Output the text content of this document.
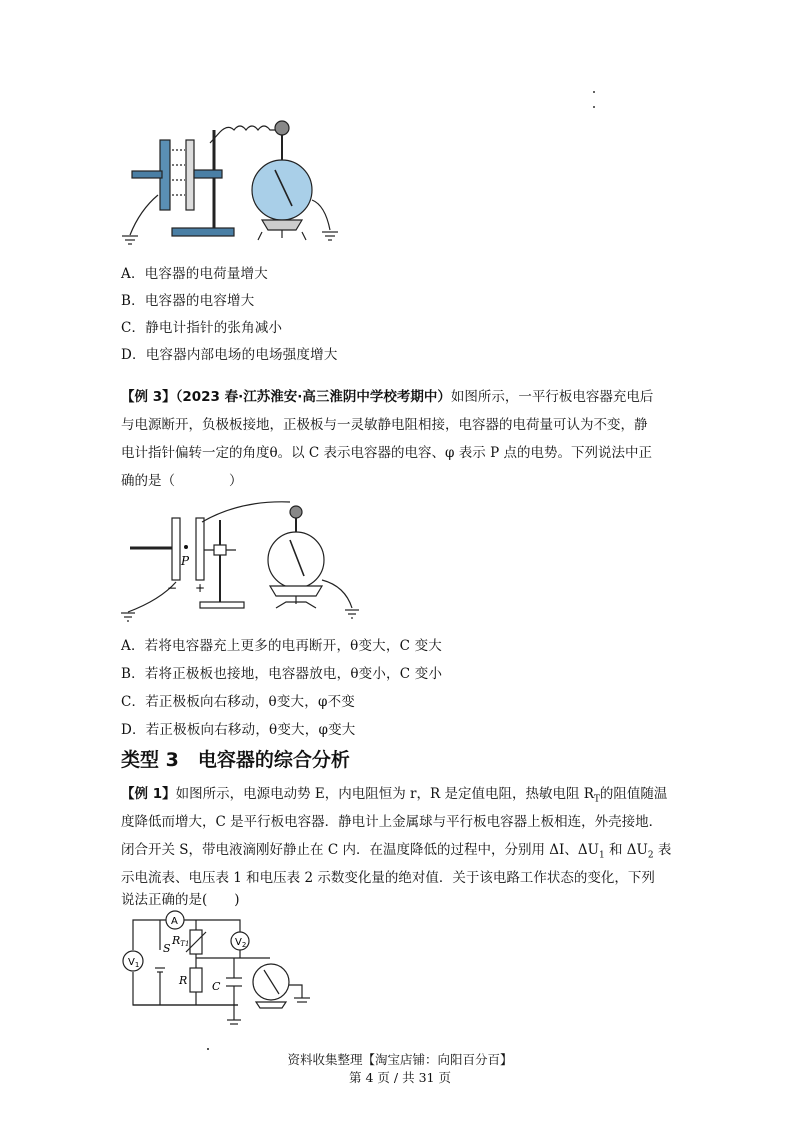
A．电容器的电荷量增大
B．电容器的电容增大
C．静电计指针的张角减小
D．电容器内部电场的电场强度增大
【例 3】（2023 春·江苏淮安·高三淮阴中学校考期中）如图所示，一平行板电容器充电后
与电源断开，负极板接地，正极板与一灵敏静电阻相接，电容器的电荷量可认为不变，静
电计指针偏转一定的角度θ。以 C 表示电容器的电容、φ 表示 P 点的电势。下列说法中正
确的是（　　　　）
P
− +
A．若将电容器充上更多的电再断开，θ变大，C 变大
B．若将正极板也接地，电容器放电，θ变小，C 变小
C．若正极板向右移动，θ变大，φ不变
D．若正极板向右移动，θ变大，φ变大
类型 3　电容器的综合分析
【例 1】如图所示，电源电动势 E，内电阻恒为 r，R 是定值电阻，热敏电阻 $R_T$的阻值随温
度降低而增大，C 是平行板电容器．静电计上金属球与平行板电容器上板相连，外壳接地．
闭合开关 S，带电液滴刚好静止在 C 内．在温度降低的过程中，分别用 ΔI、$\Delta U_1$ 和 $\Delta U_2$ 表
示电流表、电压表 1 和电压表 2 示数变化量的绝对值．关于该电路工作状态的变化，下列
说法正确的是(　　)
A
$V_1$
$V_2$
S
RT1
R C
资料收集整理【淘宝店铺：向阳百分百】
第 4 页 / 共 31 页
